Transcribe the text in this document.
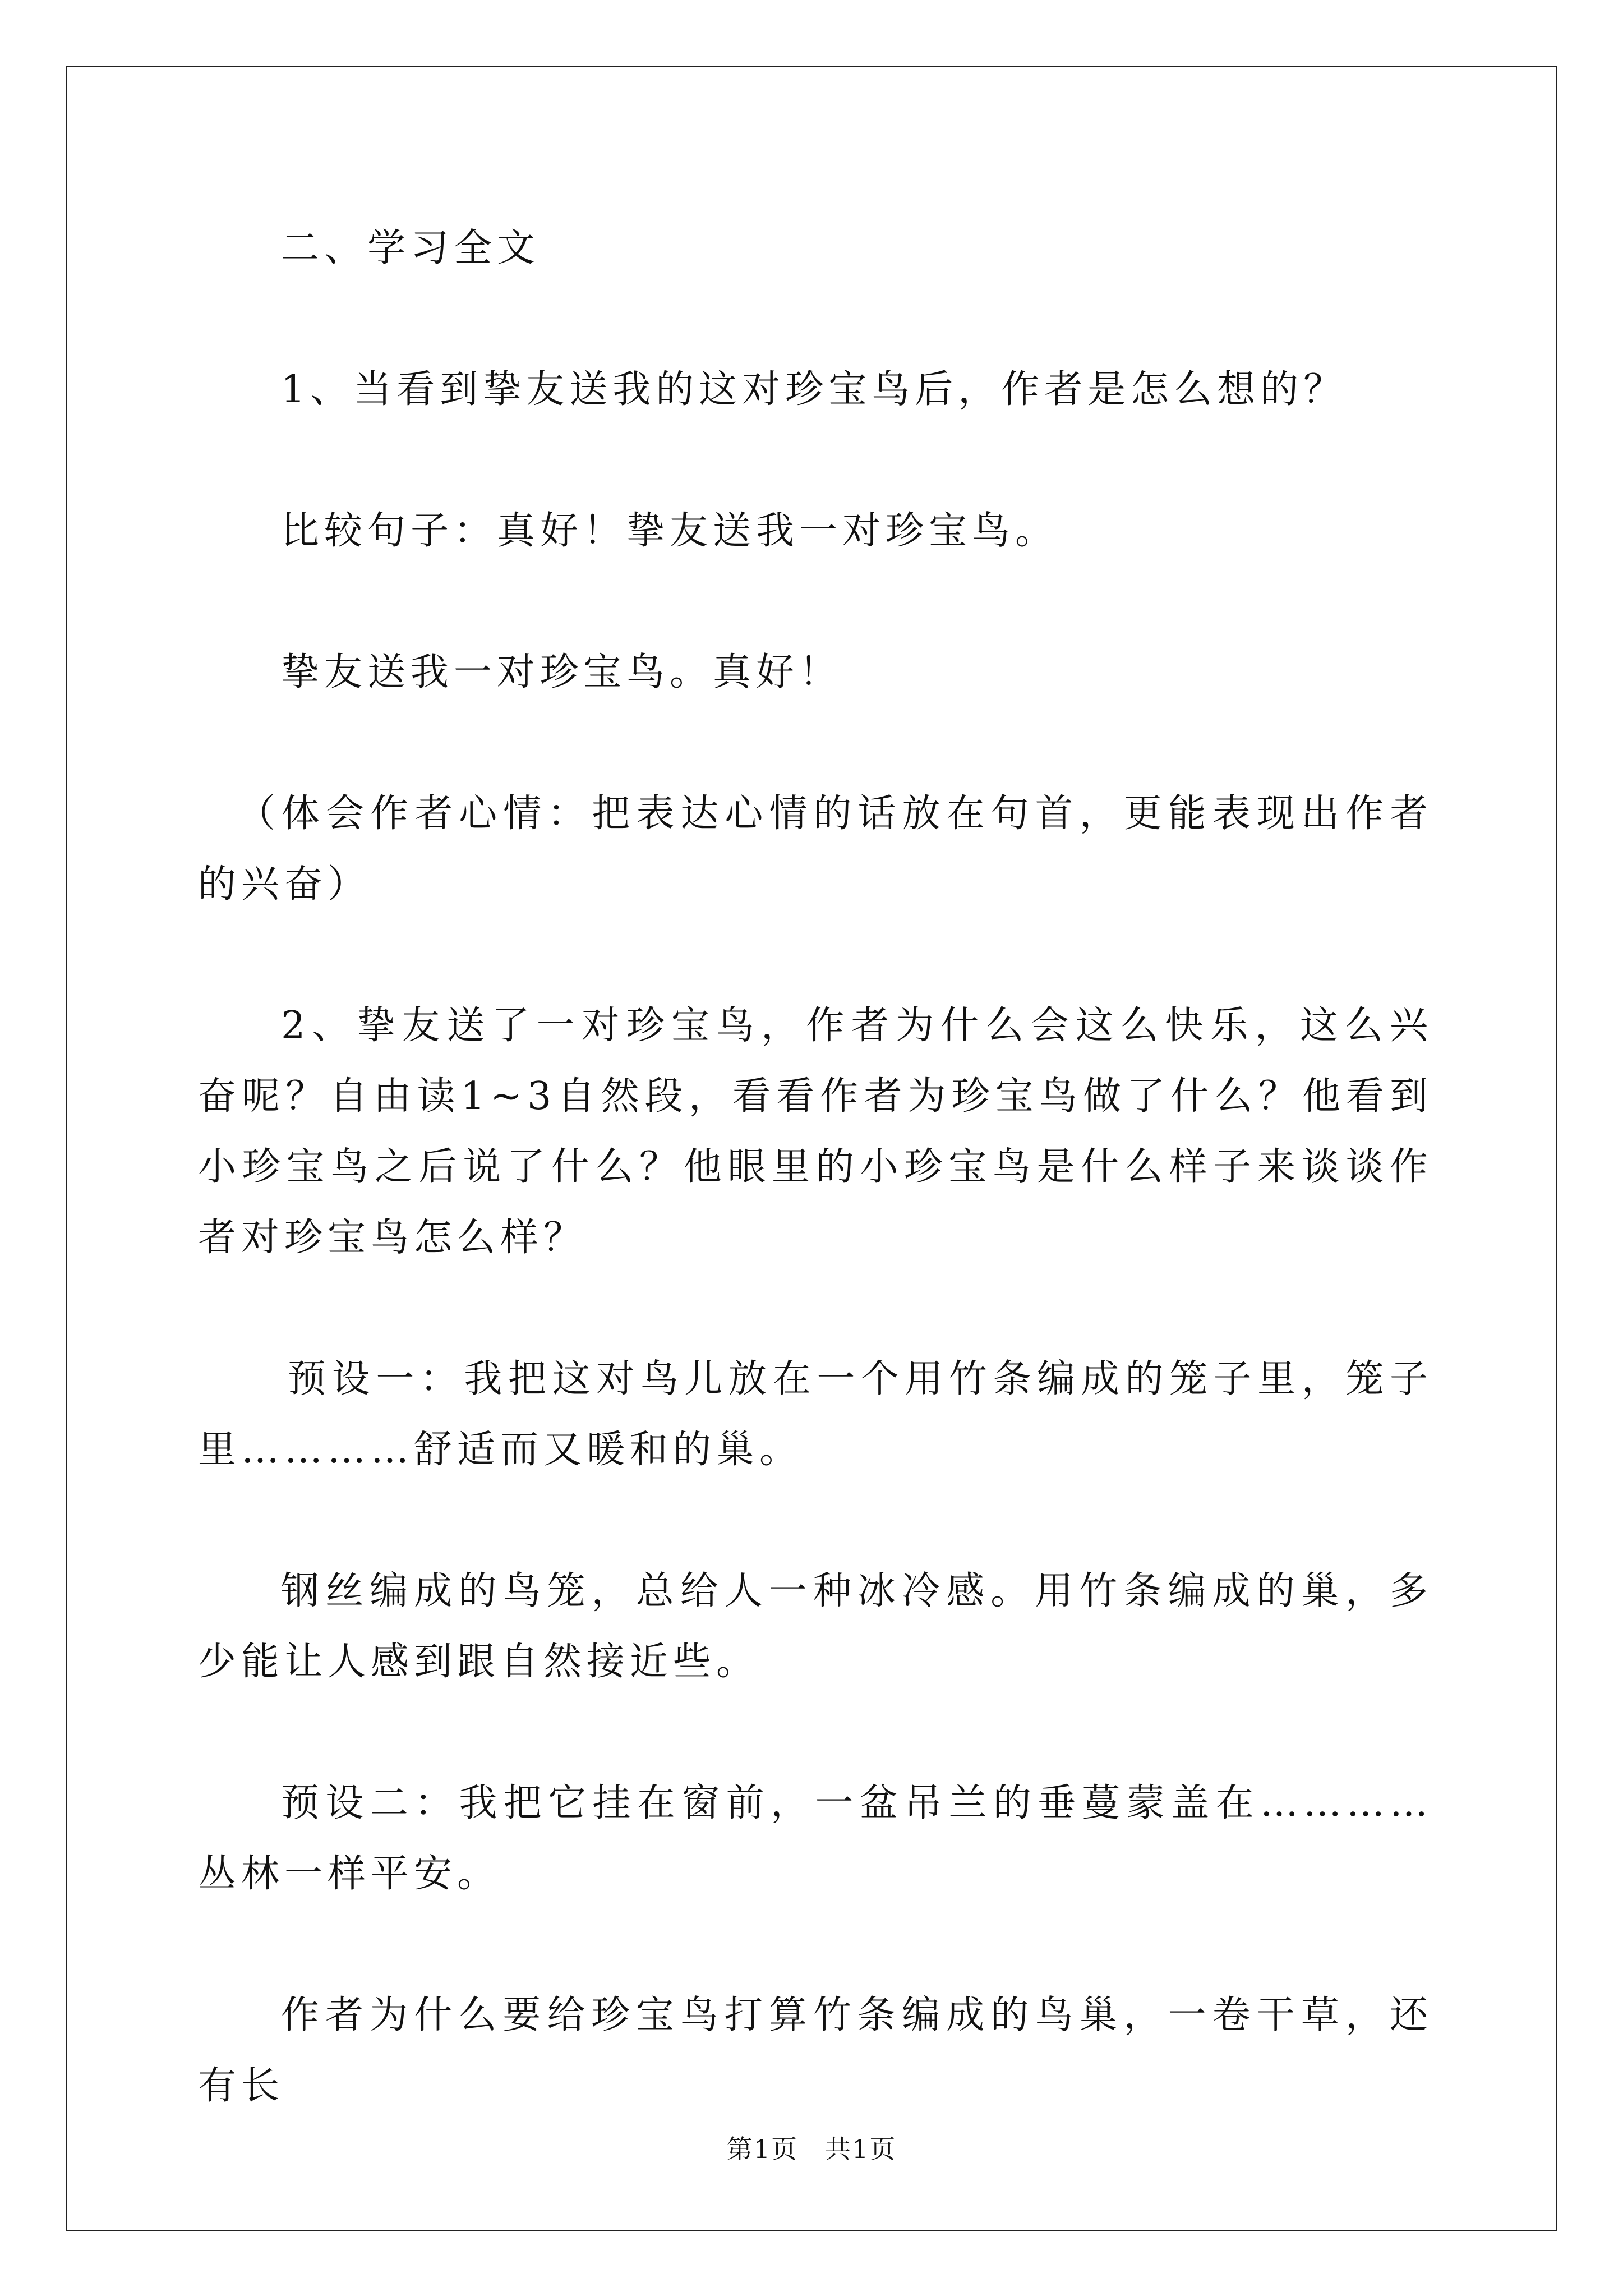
二、学习全文

1、当看到挚友送我的这对珍宝鸟后，作者是怎么想的？

比较句子：真好！挚友送我一对珍宝鸟。

挚友送我一对珍宝鸟。真好！

（体会作者心情：把表达心情的话放在句首，更能表现出作者的兴奋）

2、挚友送了一对珍宝鸟，作者为什么会这么快乐，这么兴奋呢？自由读1~3自然段，看看作者为珍宝鸟做了什么？他看到小珍宝鸟之后说了什么？他眼里的小珍宝鸟是什么样子来谈谈作者对珍宝鸟怎么样？

预设一：我把这对鸟儿放在一个用竹条编成的笼子里，笼子里…………舒适而又暖和的巢。

钢丝编成的鸟笼，总给人一种冰冷感。用竹条编成的巢，多少能让人感到跟自然接近些。

预设二：我把它挂在窗前，一盆吊兰的垂蔓蒙盖在…………丛林一样平安。

作者为什么要给珍宝鸟打算竹条编成的鸟巢，一卷干草，还有长

第1页　共1页
